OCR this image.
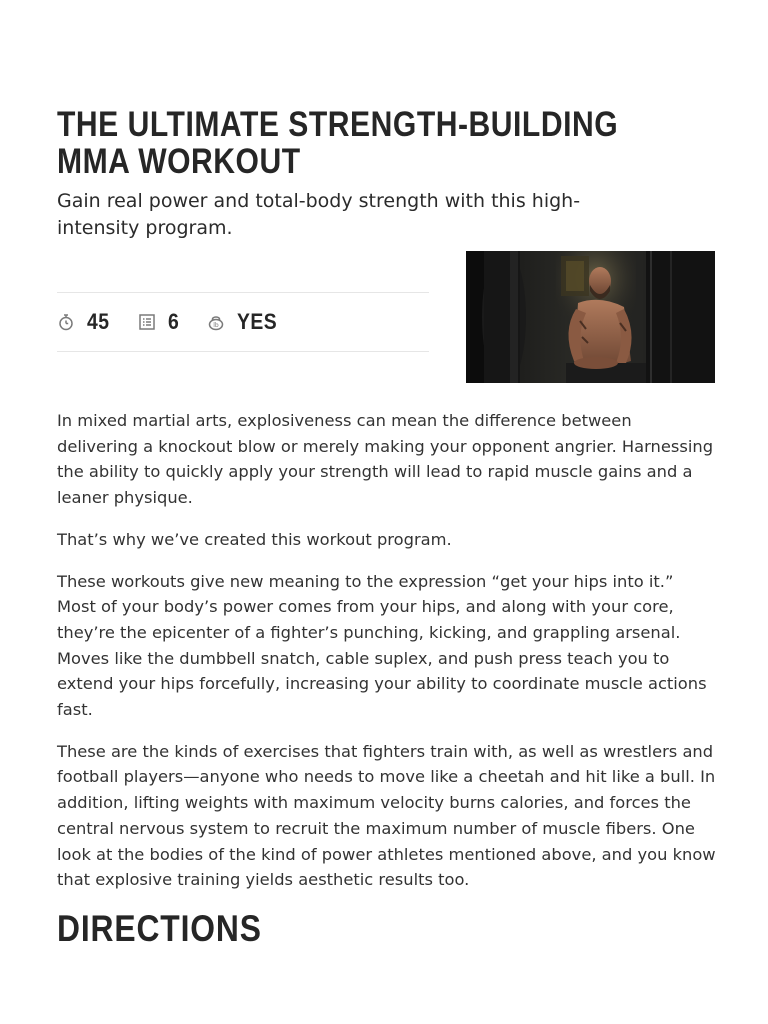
THE ULTIMATE STRENGTH-BUILDING MMA WORKOUT
Gain real power and total-body strength with this high-intensity program.
45	6	lb YES

In mixed martial arts, explosiveness can mean the difference between delivering a knockout blow or merely making your opponent angrier. Harnessing the ability to quickly apply your strength will lead to rapid muscle gains and a leaner physique.

That’s why we’ve created this workout program.

These workouts give new meaning to the expression “get your hips into it.” Most of your body’s power comes from your hips, and along with your core, they’re the epicenter of a fighter’s punching, kicking, and grappling arsenal. Moves like the dumbbell snatch, cable suplex, and push press teach you to extend your hips forcefully, increasing your ability to coordinate muscle actions fast.

These are the kinds of exercises that fighters train with, as well as wrestlers and football players—anyone who needs to move like a cheetah and hit like a bull. In addition, lifting weights with maximum velocity burns calories, and forces the central nervous system to recruit the maximum number of muscle fibers. One look at the bodies of the kind of power athletes mentioned above, and you know that explosive training yields aesthetic results too.

DIRECTIONS
